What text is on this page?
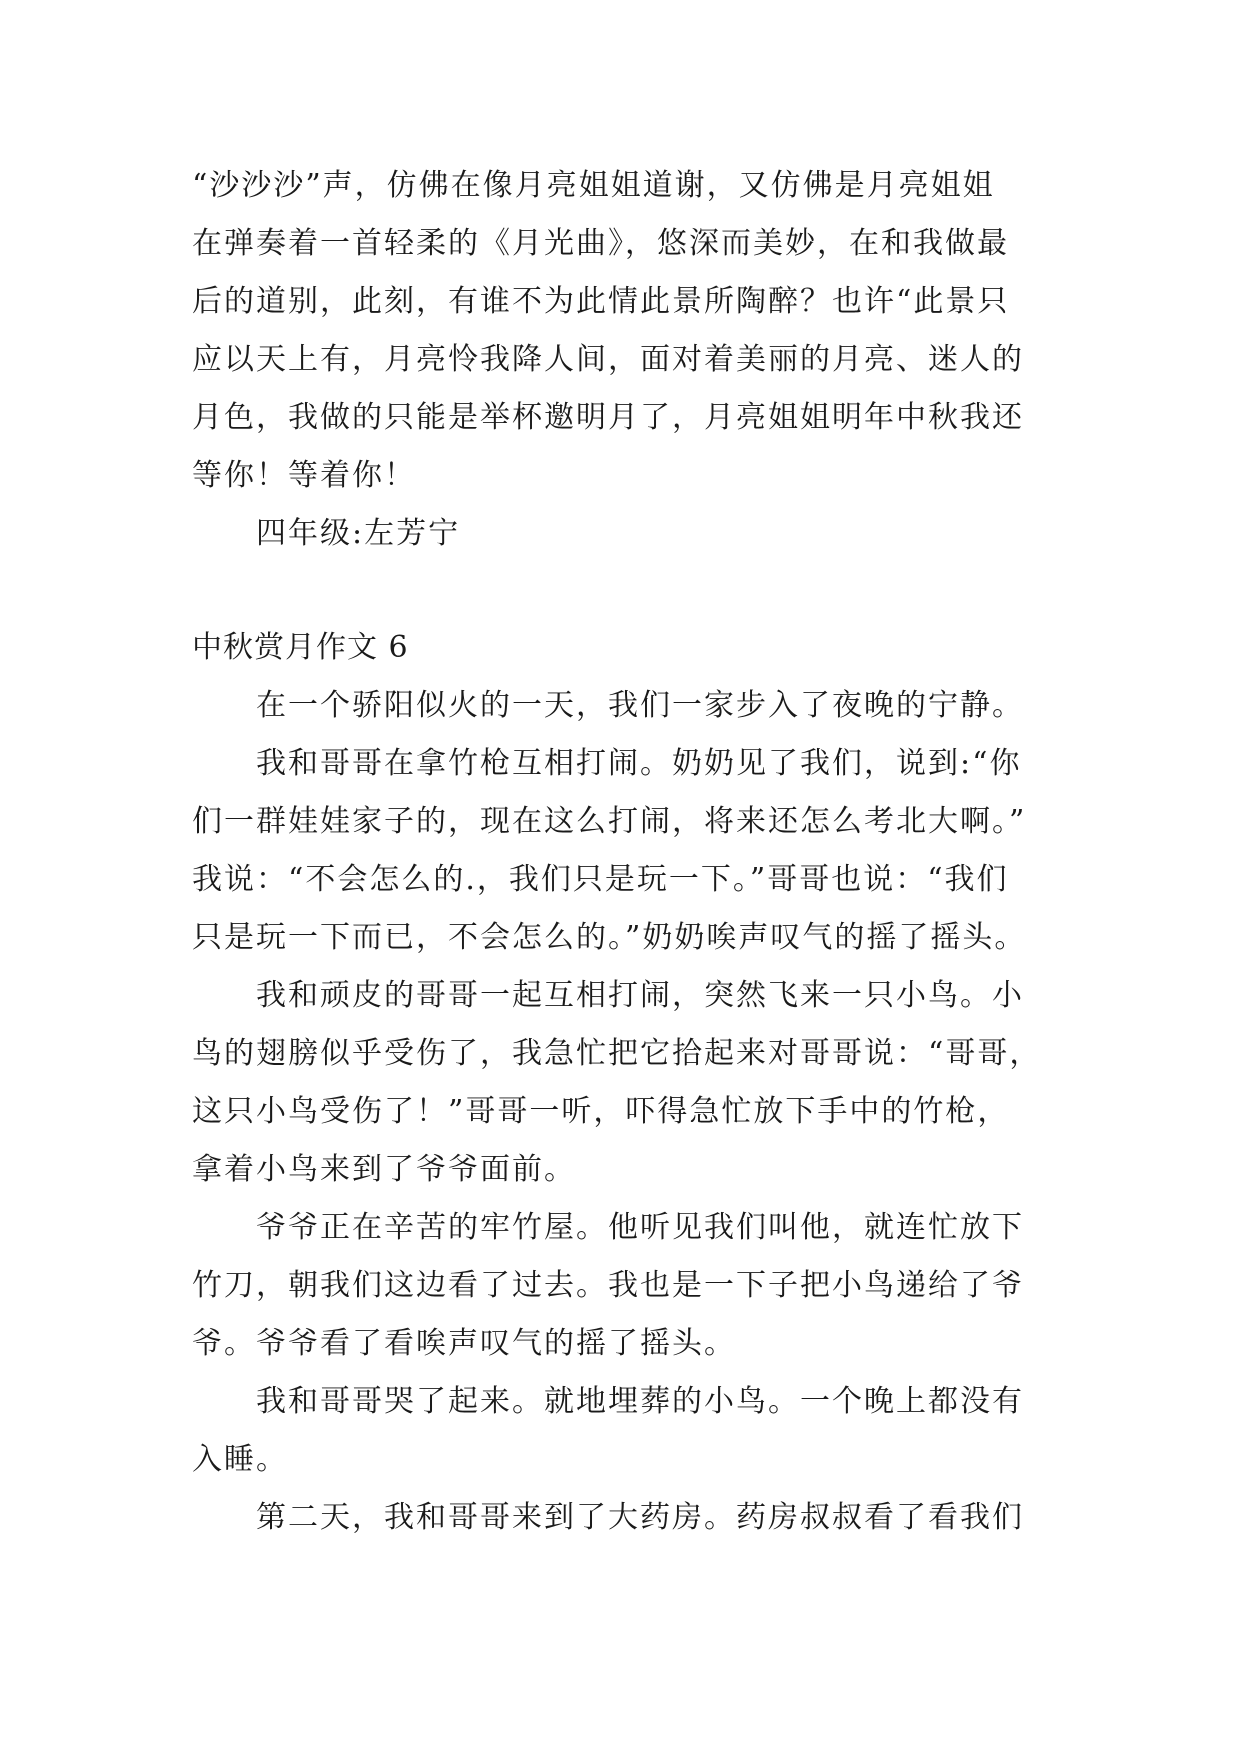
“沙沙沙”声，仿佛在像月亮姐姐道谢，又仿佛是月亮姐姐
在弹奏着一首轻柔的《月光曲》，悠深而美妙，在和我做最
后的道别，此刻，有谁不为此情此景所陶醉？也许“此景只
应以天上有，月亮怜我降人间，面对着美丽的月亮、迷人的
月色，我做的只能是举杯邀明月了，月亮姐姐明年中秋我还
等你！等着你！
四年级:左芳宁
中秋赏月作文 6
在一个骄阳似火的一天，我们一家步入了夜晚的宁静。
我和哥哥在拿竹枪互相打闹。奶奶见了我们，说到:“你
们一群娃娃家子的，现在这么打闹，将来还怎么考北大啊。”
我说：“不会怎么的.，我们只是玩一下。”哥哥也说：“我们
只是玩一下而已，不会怎么的。”奶奶唉声叹气的摇了摇头。
我和顽皮的哥哥一起互相打闹，突然飞来一只小鸟。小
鸟的翅膀似乎受伤了，我急忙把它拾起来对哥哥说：“哥哥，
这只小鸟受伤了！”哥哥一听，吓得急忙放下手中的竹枪，
拿着小鸟来到了爷爷面前。
爷爷正在辛苦的牢竹屋。他听见我们叫他，就连忙放下
竹刀，朝我们这边看了过去。我也是一下子把小鸟递给了爷
爷。爷爷看了看唉声叹气的摇了摇头。
我和哥哥哭了起来。就地埋葬的小鸟。一个晚上都没有
入睡。
第二天，我和哥哥来到了大药房。药房叔叔看了看我们
